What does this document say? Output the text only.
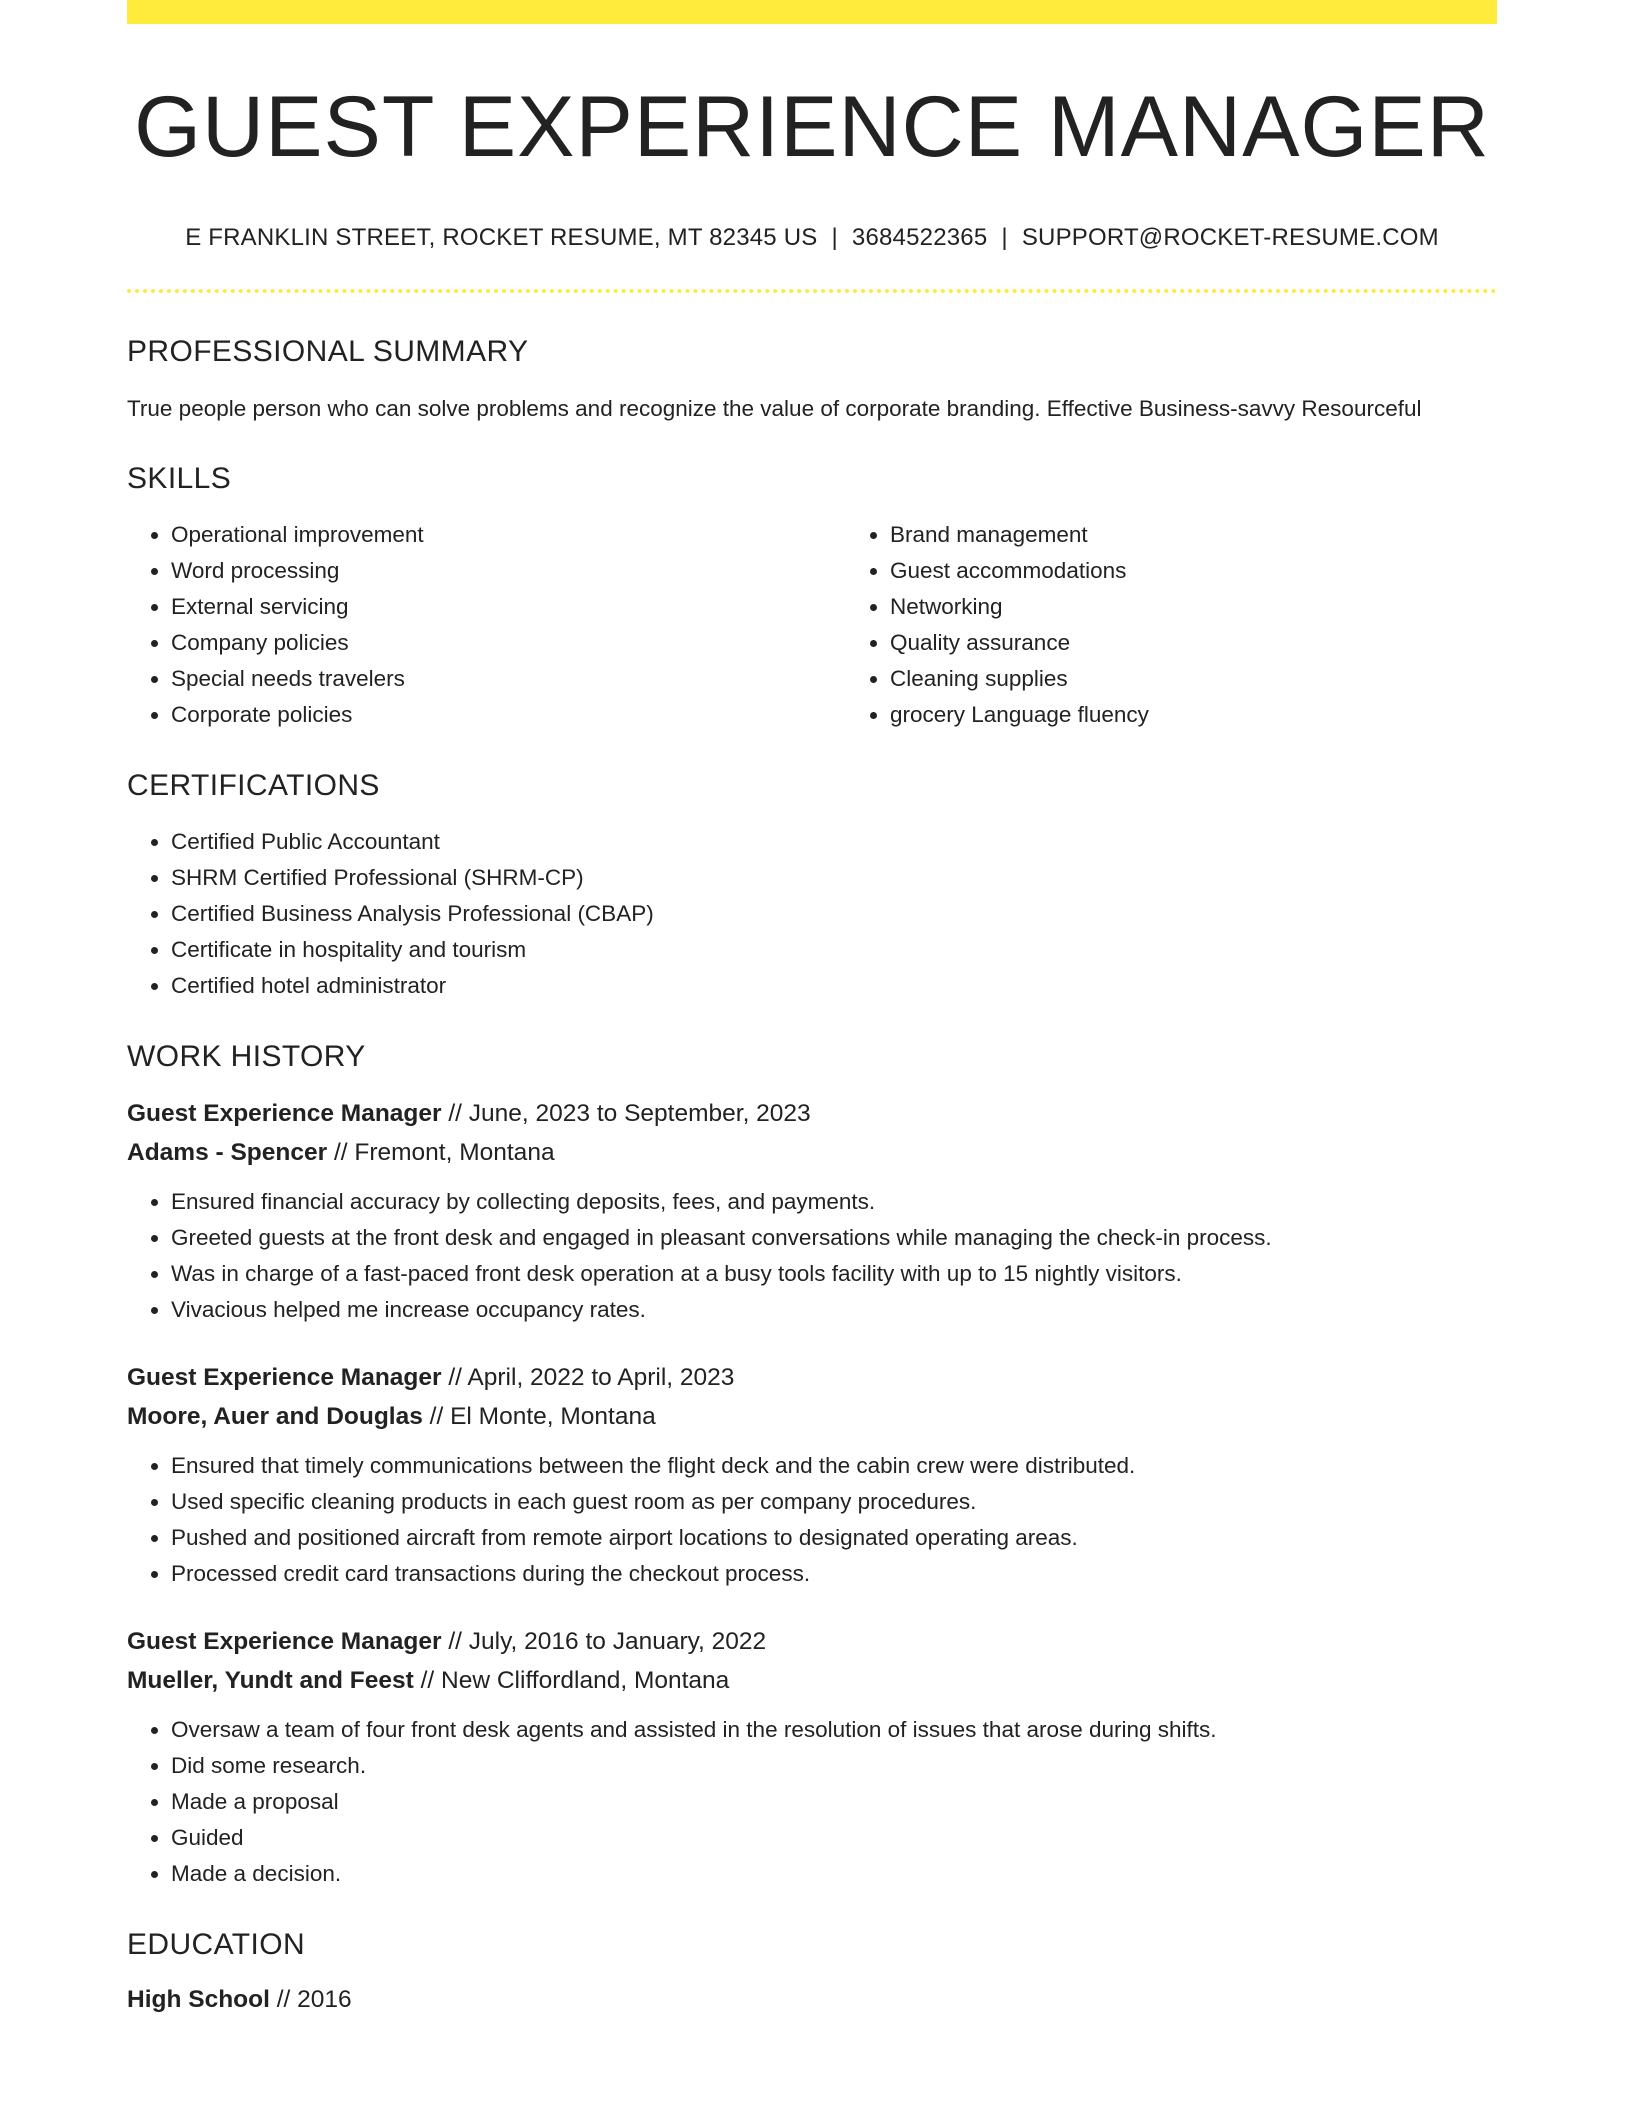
GUEST EXPERIENCE MANAGER
E FRANKLIN STREET, ROCKET RESUME, MT 82345 US | 3684522365 | SUPPORT@ROCKET-RESUME.COM
PROFESSIONAL SUMMARY

True people person who can solve problems and recognize the value of corporate branding. Effective Business-savvy Resourceful

SKILLS
• Operational improvement
• Word processing
• External servicing
• Company policies
• Special needs travelers
• Corporate policies
• Brand management
• Guest accommodations
• Networking
• Quality assurance
• Cleaning supplies
• grocery Language fluency
CERTIFICATIONS
• Certified Public Accountant
• SHRM Certified Professional (SHRM-CP)
• Certified Business Analysis Professional (CBAP)
• Certificate in hospitality and tourism
• Certified hotel administrator
WORK HISTORY
Guest Experience Manager // June, 2023 to September, 2023
Adams - Spencer // Fremont, Montana
• Ensured financial accuracy by collecting deposits, fees, and payments.
• Greeted guests at the front desk and engaged in pleasant conversations while managing the check-in process.
• Was in charge of a fast-paced front desk operation at a busy tools facility with up to 15 nightly visitors.
• Vivacious helped me increase occupancy rates.
Guest Experience Manager // April, 2022 to April, 2023
Moore, Auer and Douglas // El Monte, Montana
• Ensured that timely communications between the flight deck and the cabin crew were distributed.
• Used specific cleaning products in each guest room as per company procedures.
• Pushed and positioned aircraft from remote airport locations to designated operating areas.
• Processed credit card transactions during the checkout process.
Guest Experience Manager // July, 2016 to January, 2022
Mueller, Yundt and Feest // New Cliffordland, Montana
• Oversaw a team of four front desk agents and assisted in the resolution of issues that arose during shifts.
• Did some research.
• Made a proposal
• Guided
• Made a decision.
EDUCATION
High School // 2016
